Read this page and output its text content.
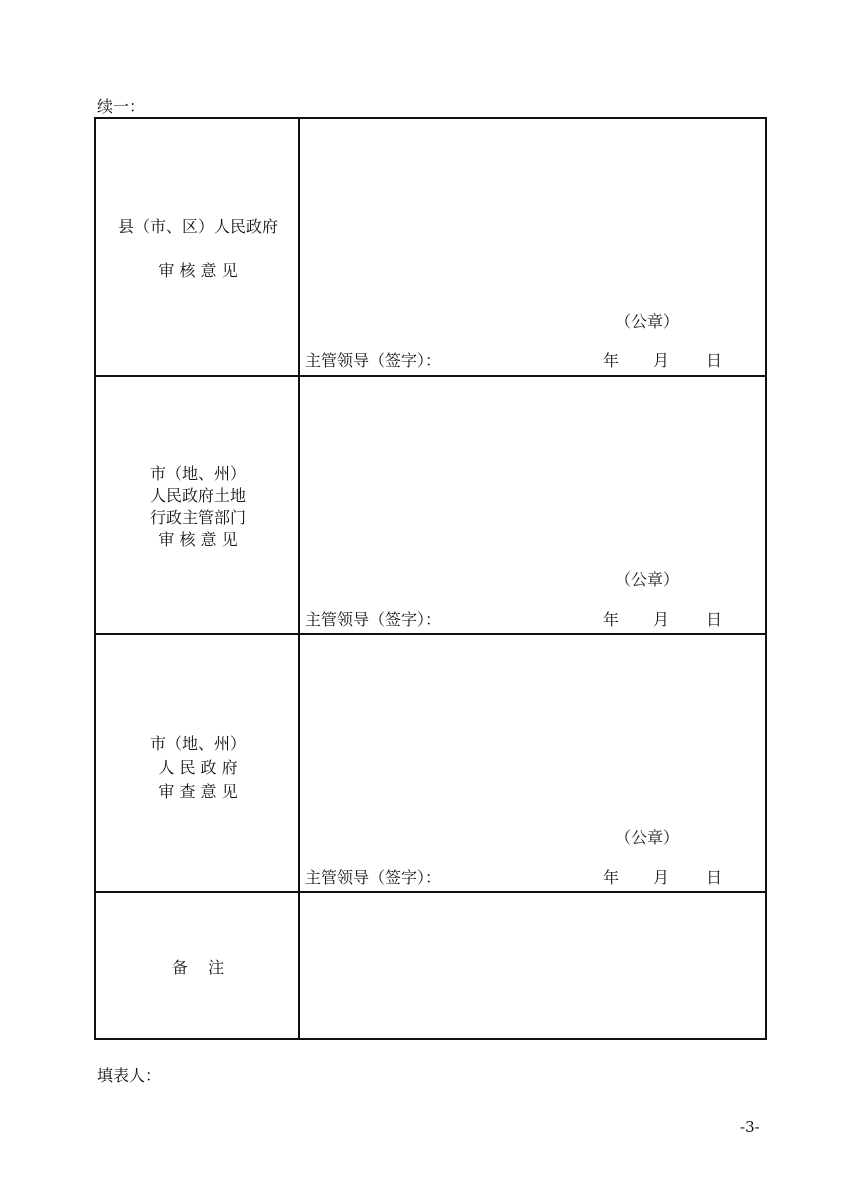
续一：
县（市、区）人民政府
审 核 意 见
（公章）
主管领导（签字）：	年 月 日
市（地、州）
人民政府土地
行政主管部门
审 核 意 见
（公章）
主管领导（签字）：	年 月 日
市（地、州）
人 民 政 府
审 查 意 见
（公章）
主管领导（签字）：	年 月 日
备    注
填表人：
-3-
